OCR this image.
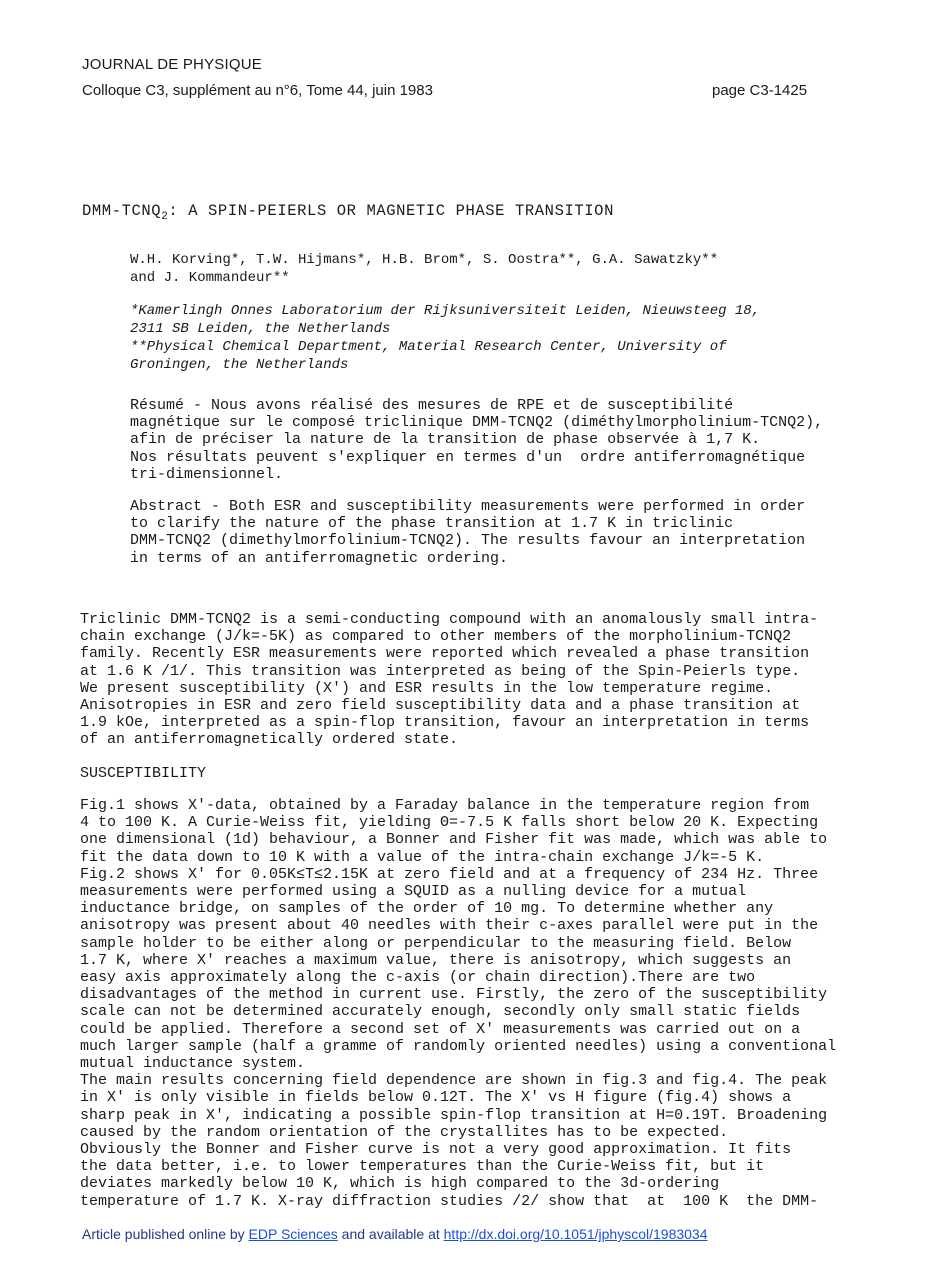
JOURNAL DE PHYSIQUE
Colloque C3, supplément au n°6, Tome 44, juin 1983	page C3-1425
DMM-$TCNQ_2$: A SPIN-PEIERLS OR MAGNETIC PHASE TRANSITION
W.H. Korving*, T.W. Hijmans*, H.B. Brom*, S. Oostra**, G.A. Sawatzky**
and J. Kommandeur**
*Kamerlingh Onnes Laboratorium der Rijksuniversiteit Leiden, Nieuwsteeg 18,
2311 SB Leiden, the Netherlands
**Physical Chemical Department, Material Research Center, University of
Groningen, the Netherlands
Résumé - Nous avons réalisé des mesures de RPE et de susceptibilité
magnétique sur le composé triclinique DMM-TCNQ2 (diméthylmorpholinium-TCNQ2),
afin de préciser la nature de la transition de phase observée à 1,7 K.
Nos résultats peuvent s'expliquer en termes d'un  ordre antiferromagnétique
tri-dimensionnel.
Abstract - Both ESR and susceptibility measurements were performed in order
to clarify the nature of the phase transition at 1.7 K in triclinic
DMM-TCNQ2 (dimethylmorfolinium-TCNQ2). The results favour an interpretation
in terms of an antiferromagnetic ordering.
Triclinic DMM-TCNQ2 is a semi-conducting compound with an anomalously small intra-
chain exchange (J/k=-5K) as compared to other members of the morpholinium-TCNQ2
family. Recently ESR measurements were reported which revealed a phase transition
at 1.6 K /1/. This transition was interpreted as being of the Spin-Peierls type.
We present susceptibility (X') and ESR results in the low temperature regime.
Anisotropies in ESR and zero field susceptibility data and a phase transition at
1.9 kOe, interpreted as a spin-flop transition, favour an interpretation in terms
of an antiferromagnetically ordered state.
SUSCEPTIBILITY
Fig.1 shows X'-data, obtained by a Faraday balance in the temperature region from
4 to 100 K. A Curie-Weiss fit, yielding Θ=-7.5 K falls short below 20 K. Expecting
one dimensional (1d) behaviour, a Bonner and Fisher fit was made, which was able to
fit the data down to 10 K with a value of the intra-chain exchange J/k=-5 K.
Fig.2 shows X' for 0.05K≤T≤2.15K at zero field and at a frequency of 234 Hz. Three
measurements were performed using a SQUID as a nulling device for a mutual
inductance bridge, on samples of the order of 10 mg. To determine whether any
anisotropy was present about 40 needles with their c-axes parallel were put in the
sample holder to be either along or perpendicular to the measuring field. Below
1.7 K, where X' reaches a maximum value, there is anisotropy, which suggests an
easy axis approximately along the c-axis (or chain direction).There are two
disadvantages of the method in current use. Firstly, the zero of the susceptibility
scale can not be determined accurately enough, secondly only small static fields
could be applied. Therefore a second set of X' measurements was carried out on a
much larger sample (half a gramme of randomly oriented needles) using a conventional
mutual inductance system.
The main results concerning field dependence are shown in fig.3 and fig.4. The peak
in X' is only visible in fields below 0.12T. The X' vs H figure (fig.4) shows a
sharp peak in X', indicating a possible spin-flop transition at H=0.19T. Broadening
caused by the random orientation of the crystallites has to be expected.
Obviously the Bonner and Fisher curve is not a very good approximation. It fits
the data better, i.e. to lower temperatures than the Curie-Weiss fit, but it
deviates markedly below 10 K, which is high compared to the 3d-ordering
temperature of 1.7 K. X-ray diffraction studies /2/ show that  at  100 K  the DMM-
Article published online by EDP Sciences and available at http://dx.doi.org/10.1051/jphyscol/1983034
